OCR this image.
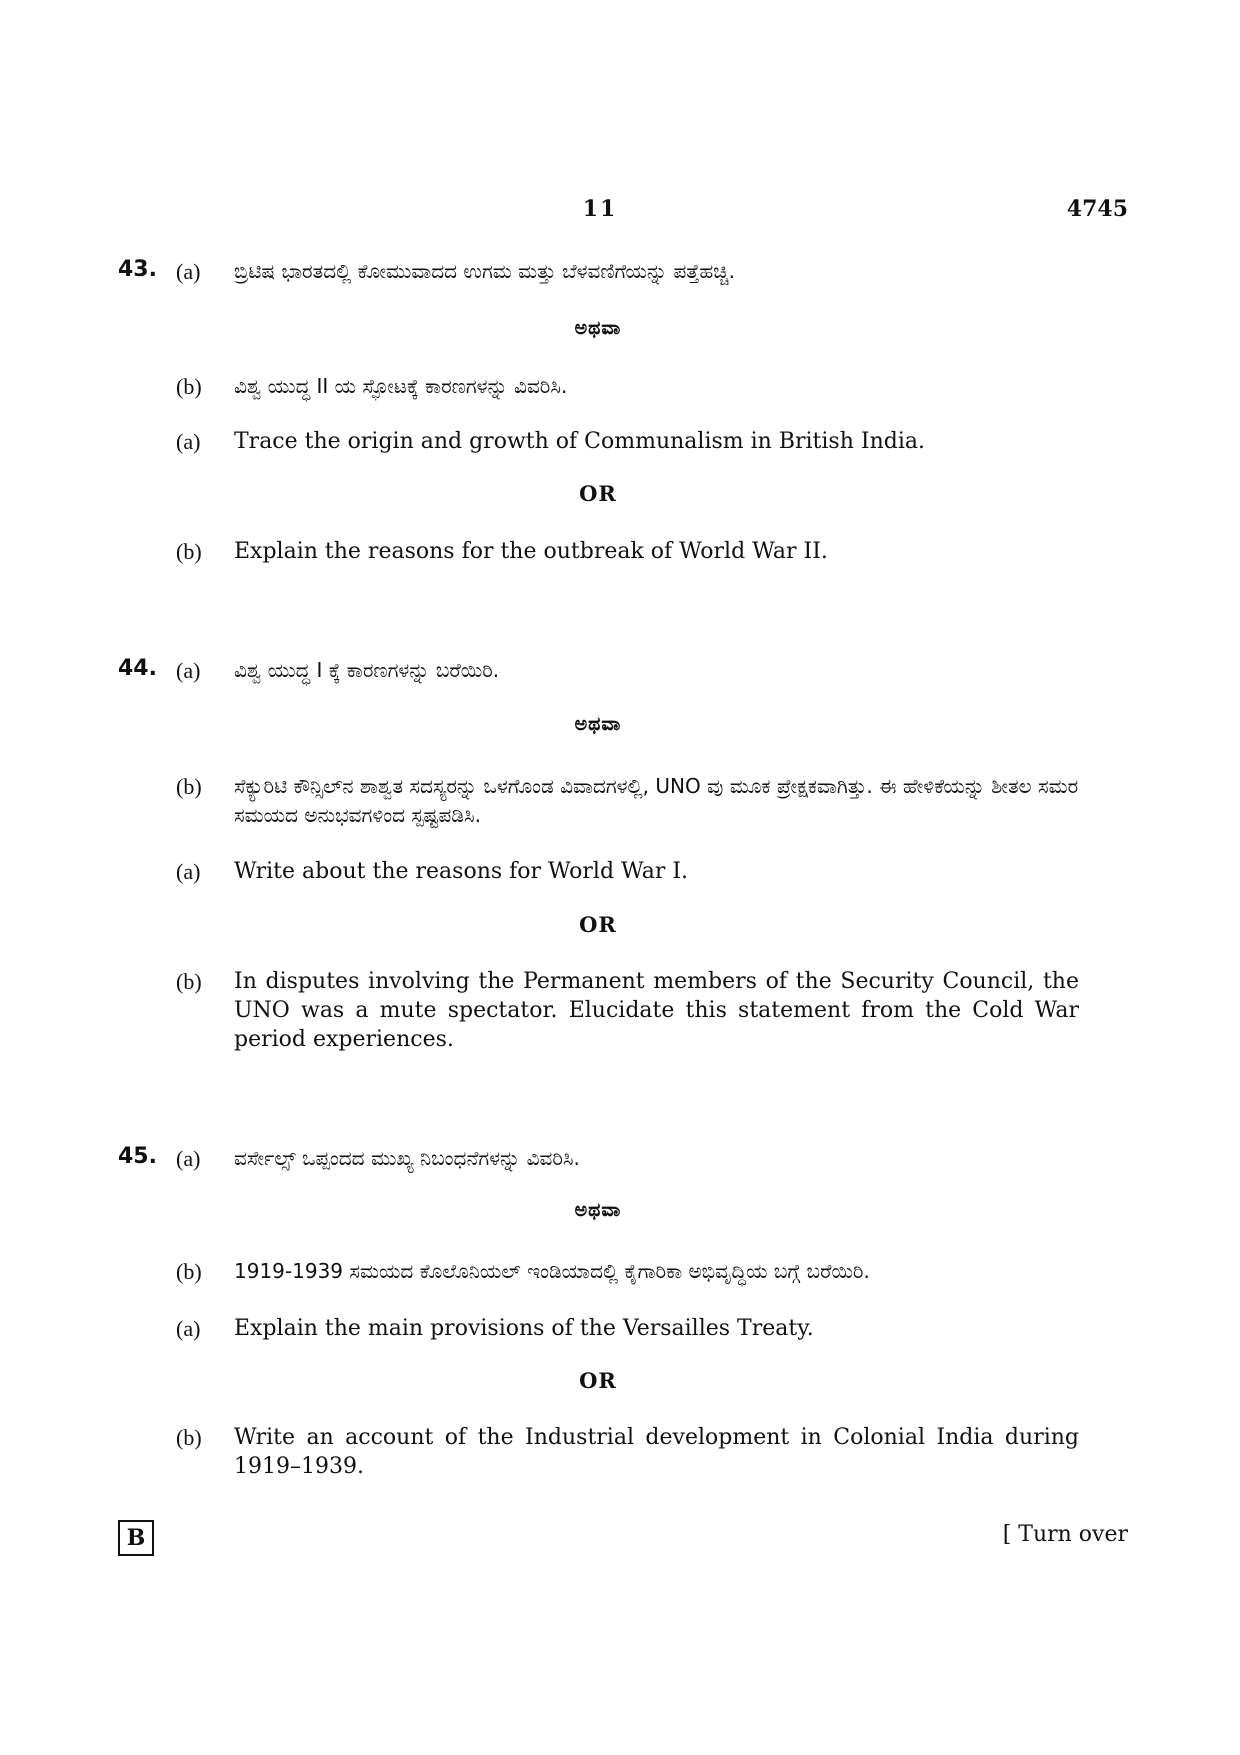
11	4745
43. (a) ಬ್ರಿಟಿಷ ಭಾರತದಲ್ಲಿ ಕೋಮುವಾದದ ಉಗಮ ಮತ್ತು ಬೆಳವಣಿಗೆಯನ್ನು ಪತ್ತೆಹಚ್ಚಿ.
ಅಥವಾ
(b) ವಿಶ್ವ ಯುದ್ಧ II ಯ ಸ್ಫೋಟಕ್ಕೆ ಕಾರಣಗಳನ್ನು ವಿವರಿಸಿ.
(a) Trace the origin and growth of Communalism in British India.
OR
(b) Explain the reasons for the outbreak of World War II.
44. (a) ವಿಶ್ವ ಯುದ್ಧ I ಕ್ಕೆ ಕಾರಣಗಳನ್ನು ಬರೆಯಿರಿ.
ಅಥವಾ
(b) ಸೆಕ್ಯುರಿಟಿ ಕೌನ್ಸಿಲ್‌ನ ಶಾಶ್ವತ ಸದಸ್ಯರನ್ನು ಒಳಗೊಂಡ ವಿವಾದಗಳಲ್ಲಿ, UNO ವು ಮೂಕ ಪ್ರೇಕ್ಷಕವಾಗಿತ್ತು. ಈ ಹೇಳಿಕೆಯನ್ನು ಶೀತಲ ಸಮರ ಸಮಯದ ಅನುಭವಗಳಿಂದ ಸ್ಪಷ್ಟಪಡಿಸಿ.
(a) Write about the reasons for World War I.
OR
(b) In disputes involving the Permanent members of the Security Council, the UNO was a mute spectator. Elucidate this statement from the Cold War period experiences.
45. (a) ವರ್ಸೇಲ್ಸ್ ಒಪ್ಪಂದದ ಮುಖ್ಯ ನಿಬಂಧನೆಗಳನ್ನು ವಿವರಿಸಿ.
ಅಥವಾ
(b) 1919-1939 ಸಮಯದ ಕೊಲೊನಿಯಲ್ ಇಂಡಿಯಾದಲ್ಲಿ ಕೈಗಾರಿಕಾ ಅಭಿವೃದ್ಧಿಯ ಬಗ್ಗೆ ಬರೆಯಿರಿ.
(a) Explain the main provisions of the Versailles Treaty.
OR
(b) Write an account of the Industrial development in Colonial India during 1919–1939.
B	[ Turn over
